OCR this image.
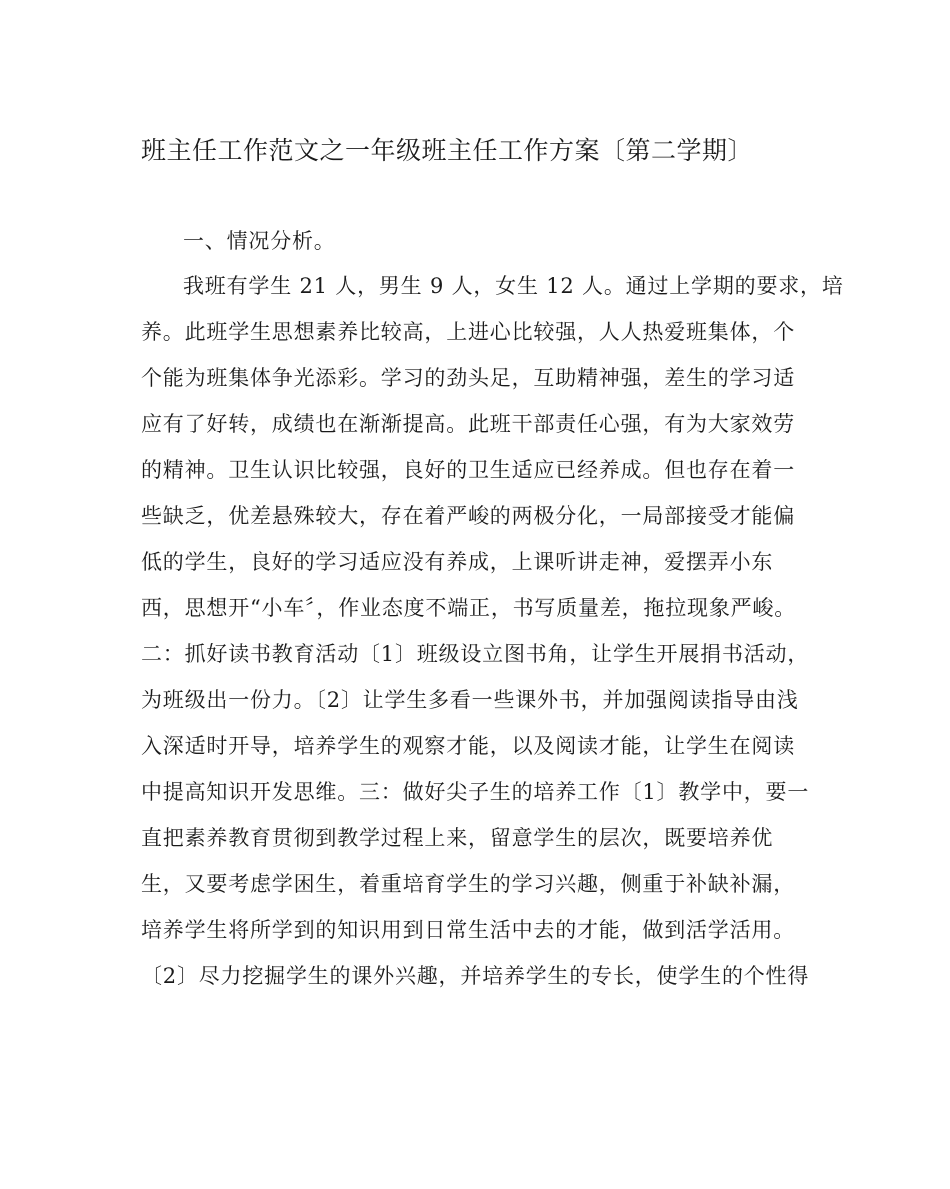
班主任工作范文之一年级班主任工作方案〔第二学期〕
一、情况分析。
我班有学生 21 人，男生 9 人，女生 12 人。通过上学期的要求，培
养。此班学生思想素养比较高，上进心比较强，人人热爱班集体，个
个能为班集体争光添彩。学习的劲头足，互助精神强，差生的学习适
应有了好转，成绩也在渐渐提高。此班干部责任心强，有为大家效劳
的精神。卫生认识比较强，良好的卫生适应已经养成。但也存在着一
些缺乏，优差悬殊较大，存在着严峻的两极分化，一局部接受才能偏
低的学生，良好的学习适应没有养成，上课听讲走神，爱摆弄小东
西，思想开“小车〞，作业态度不端正，书写质量差，拖拉现象严峻。
二：抓好读书教育活动〔1〕班级设立图书角，让学生开展捐书活动，
为班级出一份力。〔2〕让学生多看一些课外书，并加强阅读指导由浅
入深适时开导，培养学生的观察才能，以及阅读才能，让学生在阅读
中提高知识开发思维。三：做好尖子生的培养工作〔1〕教学中，要一
直把素养教育贯彻到教学过程上来，留意学生的层次，既要培养优
生，又要考虑学困生，着重培育学生的学习兴趣，侧重于补缺补漏，
培养学生将所学到的知识用到日常生活中去的才能，做到活学活用。
〔2〕尽力挖掘学生的课外兴趣，并培养学生的专长，使学生的个性得
